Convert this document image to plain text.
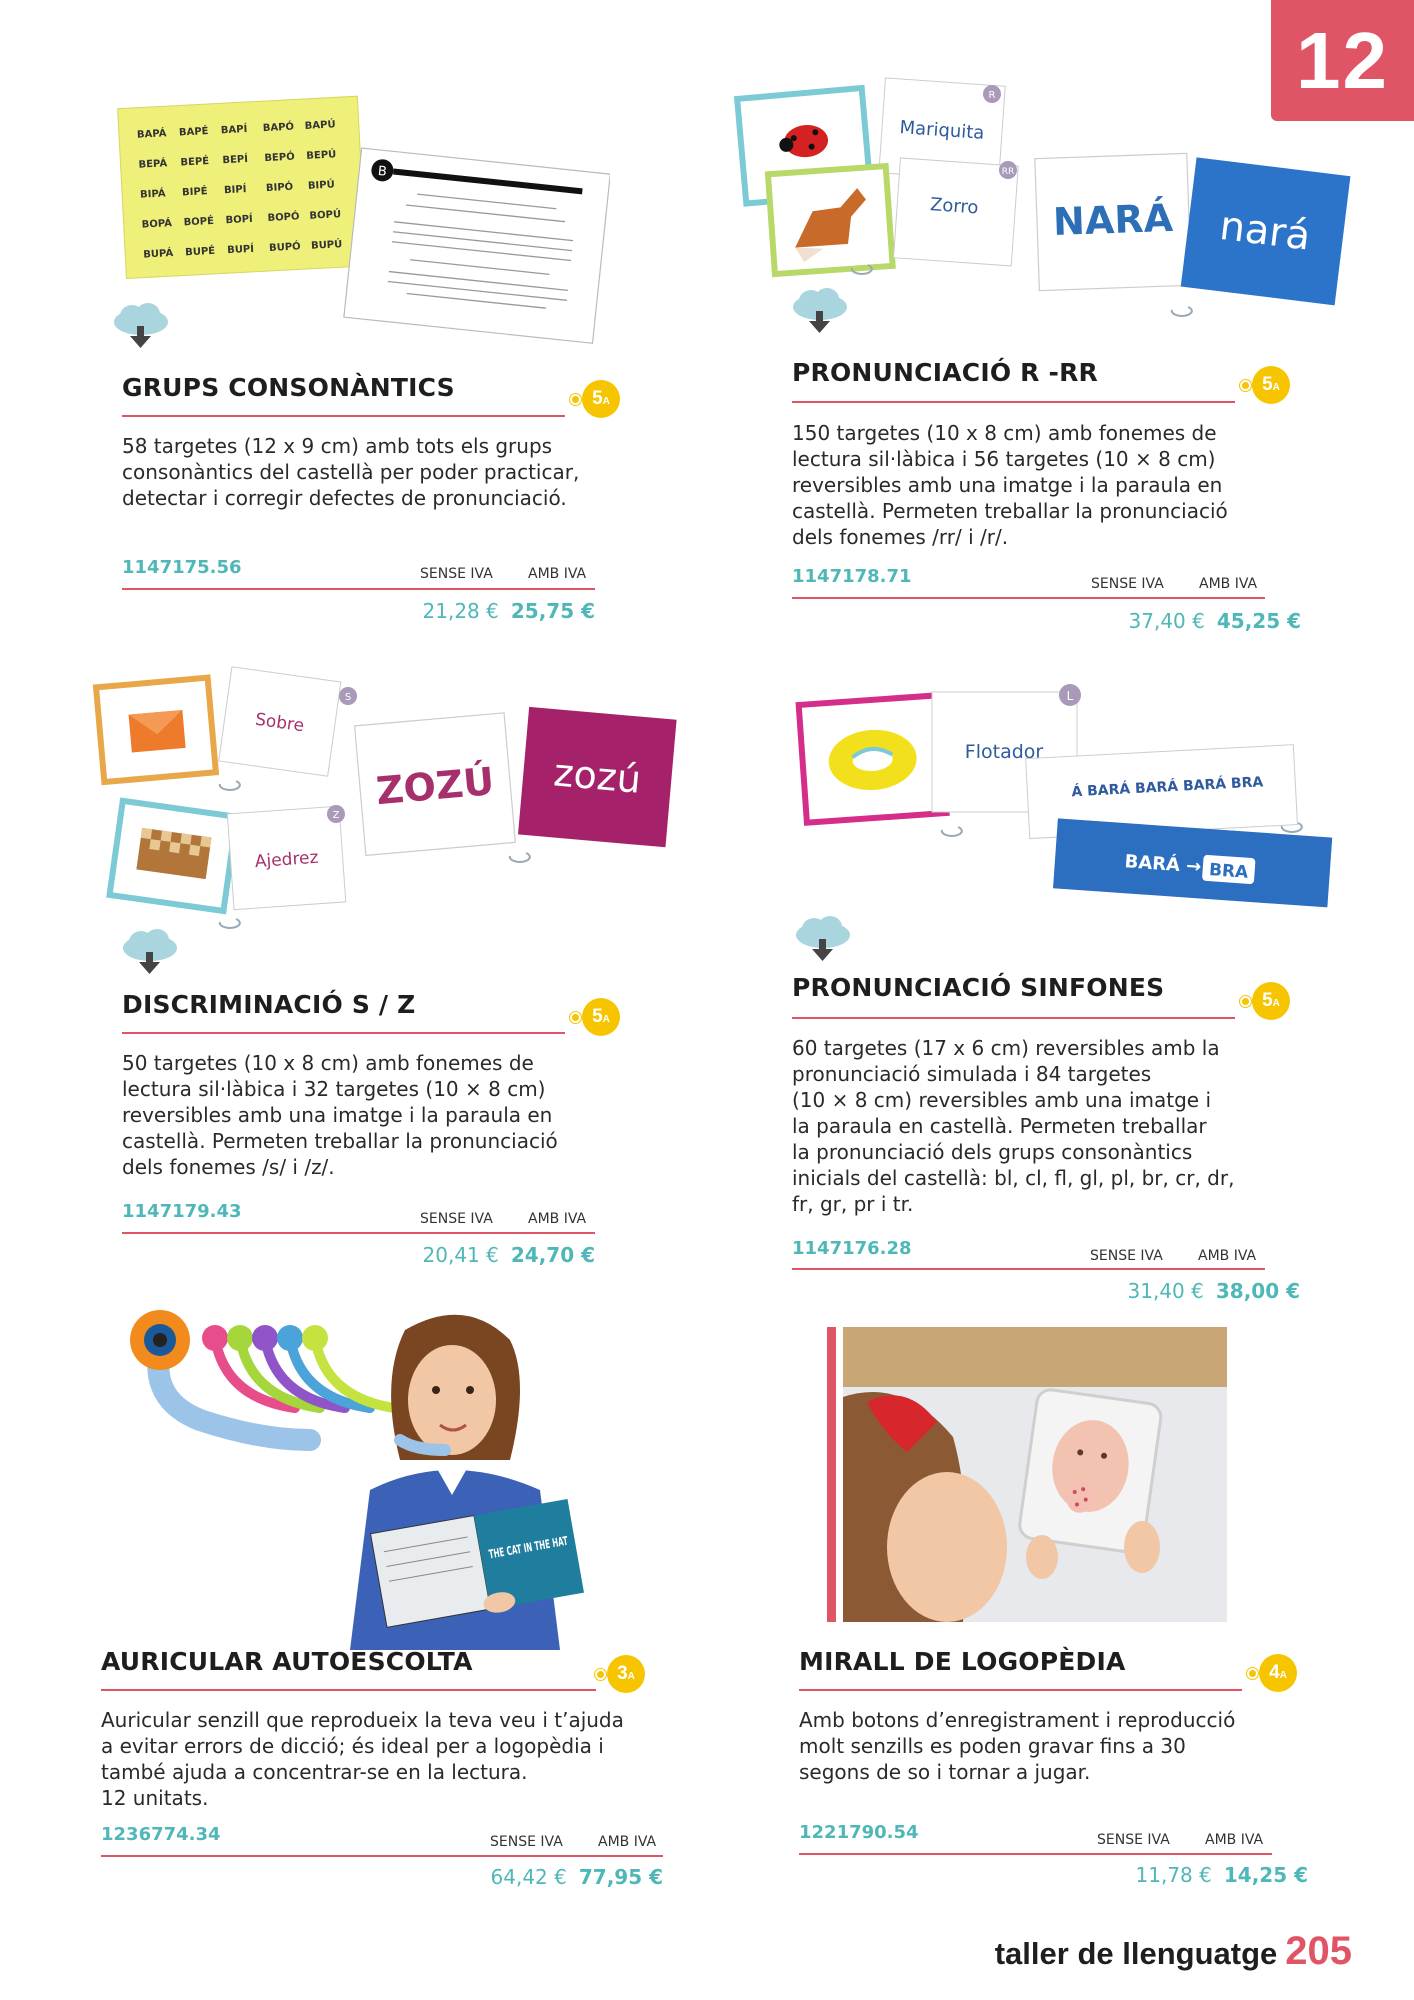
12
BAPÁ BAPÉ BAPÍ BAPÓ BAPÚ
BEPÁ BEPÉ BEPÍ BEPÓ BEPÚ
BIPÁ BIPÉ BIPÍ BIPÓ BIPÚ
BOPÁ BOPÉ BOPÍ BOPÓ BOPÚ
BUPÁ BUPÉ BUPÍ BUPÓ BUPÚ
B
GRUPS CONSONÀNTICS	5A
58 targetes (12 x 9 cm) amb tots els grups
consonàntics del castellà per poder practicar,
detectar i corregir defectes de pronunciació.
1147175.56	SENSE IVA	AMB IVA
21,28 € 25,75 €
Mariquita
R
Zorro
RR
NARÁ nará
PRONUNCIACIÓ R -RR	5A
150 targetes (10 x 8 cm) amb fonemes de
lectura sil·làbica i 56 targetes (10 × 8 cm)
reversibles amb una imatge i la paraula en
castellà. Permeten treballar la pronunciació
dels fonemes /rr/ i /r/.
1147178.71	SENSE IVA	AMB IVA
37,40 € 45,25 €
Sobre
S
Ajedrez
Z
ZOZÚ zozú
DISCRIMINACIÓ S / Z	5A
50 targetes (10 x 8 cm) amb fonemes de
lectura sil·làbica i 32 targetes (10 × 8 cm)
reversibles amb una imatge i la paraula en
castellà. Permeten treballar la pronunciació
dels fonemes /s/ i /z/.
1147179.43	SENSE IVA	AMB IVA
20,41 € 24,70 €
Flotador
L
Á BARÁ BARÁ BARÁ BRA
BARÁ → BRA
PRONUNCIACIÓ SINFONES	5A
60 targetes (17 x 6 cm) reversibles amb la
pronunciació simulada i 84 targetes
(10 × 8 cm) reversibles amb una imatge i
la paraula en castellà. Permeten treballar
la pronunciació dels grups consonàntics
inicials del castellà: bl, cl, fl, gl, pl, br, cr, dr,
fr, gr, pr i tr.
1147176.28	SENSE IVA	AMB IVA
31,40 € 38,00 €
THE CAT IN THE HAT
AURICULAR AUTOESCOLTA	3A
Auricular senzill que reprodueix la teva veu i t’ajuda
a evitar errors de dicció; és ideal per a logopèdia i
també ajuda a concentrar-se en la lectura.
12 unitats.
1236774.34	SENSE IVA	AMB IVA
64,42 € 77,95 €
MIRALL DE LOGOPÈDIA	4A
Amb botons d’enregistrament i reproducció
molt senzills es poden gravar fins a 30
segons de so i tornar a jugar.
1221790.54	SENSE IVA	AMB IVA
11,78 € 14,25 €
taller de llenguatge 205
